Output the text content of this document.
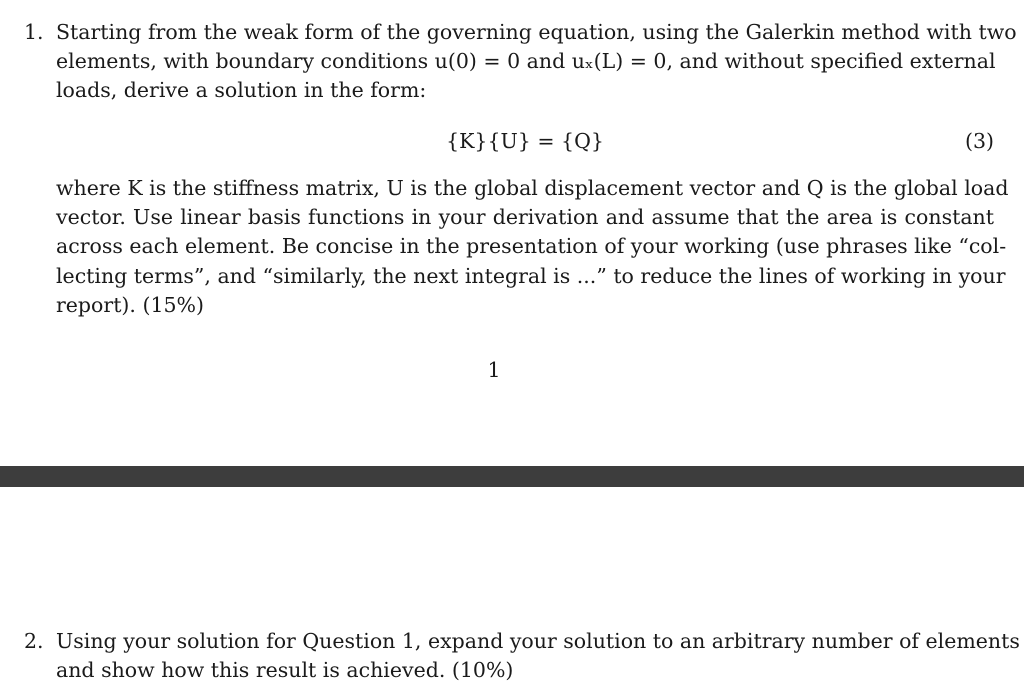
1. Starting from the weak form of the governing equation, using the Galerkin method with two
elements, with boundary conditions u(0) = 0 and uₓ(L) = 0, and without specified external
loads, derive a solution in the form:
{K}{U} = {Q}	(3)
where K is the stiffness matrix, U is the global displacement vector and Q is the global load
vector. Use linear basis functions in your derivation and assume that the area is constant
across each element. Be concise in the presentation of your working (use phrases like “col-
lecting terms”, and “similarly, the next integral is ...” to reduce the lines of working in your
report). (15%)
1
2. Using your solution for Question 1, expand your solution to an arbitrary number of elements
and show how this result is achieved. (10%)
